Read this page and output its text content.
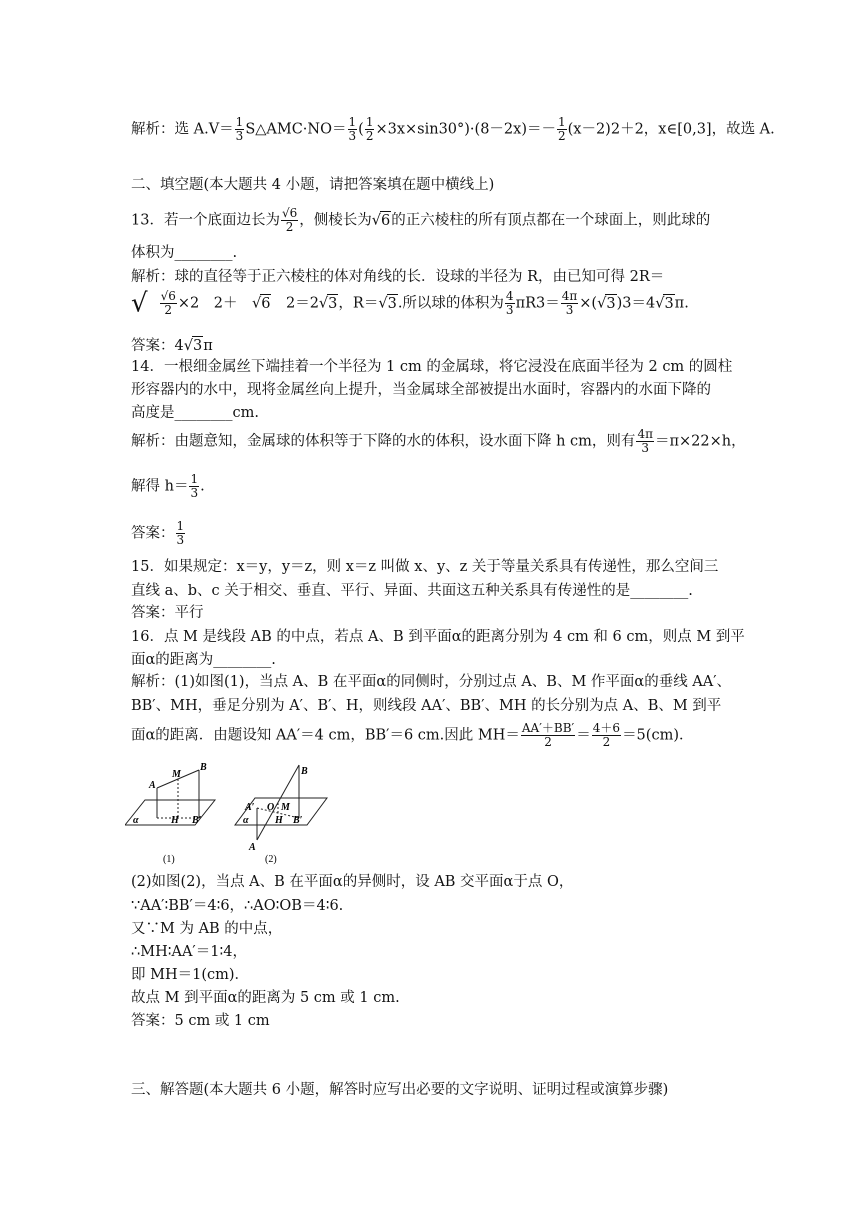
解析：选 $A.V= \frac{1}{3}$ S△AMC·NO＝ $\frac{1}{3}$ ( $\frac{1}{2} \times 3x\times\sin 30^\circ)\cdot(8-2x)=- \frac{1}{2} (x-2)2+2$，x∈[0,3]，故选 A.
二、填空题(本大题共 4 小题，请把答案填在题中横线上)
13．若一个底面边长为 $\frac{√6}{2}$ ，侧棱长为√6的正六棱柱的所有顶点都在一个球面上，则此球的
体积为________.
解析：球的直径等于正六棱柱的体对角线的长．设球的半径为 R，由已知可得 2R＝
√ $\frac{√6}{2} \times 2$　2＋　√6　2＝2√3，R＝√3.所以球的体积为 $\frac{4}{3} \pi R3= \frac{4\pi}{3} \times(√3)3=4√3\pi$.
答案：4√3π
14．一根细金属丝下端挂着一个半径为 1 cm 的金属球，将它浸没在底面半径为 2 cm 的圆柱
形容器内的水中，现将金属丝向上提升，当金属球全部被提出水面时，容器内的水面下降的
高度是________cm.
解析：由题意知，金属球的体积等于下降的水的体积，设水面下降 h cm，则有 $\frac{4\pi}{3} =\pi\times 22\times h$，
解得 $h= \frac{1}{3}$ .
答案： $\frac{1}{3}$
15．如果规定：x＝y，y＝z，则 x＝z 叫做 x、y、z 关于等量关系具有传递性，那么空间三
直线 a、b、c 关于相交、垂直、平行、异面、共面这五种关系具有传递性的是________.
答案：平行
16．点 M 是线段 AB 的中点，若点 A、B 到平面α的距离分别为 4 cm 和 6 cm，则点 M 到平
面α的距离为________.
解析：(1)如图(1)，当点 A、B 在平面α的同侧时，分别过点 A、B、M 作平面α的垂线 AA′、
BB′、MH，垂足分别为 A′、B′、H，则线段 AA′、BB′、MH 的长分别为点 A、B、M 到平
面α的距离．由题设知 AA′＝4 cm，BB′＝6 cm.因此 $MH= \frac{AA'+BB'}{2} = \frac{4+6}{2} =5(cm)$．
A
M
B
α	H B′
(1)
B
A′ O M
α	H B′
A
(2)
(2)如图(2)，当点 A、B 在平面α的异侧时，设 AB 交平面α于点 O，
∵AA′∶BB′＝4∶6，∴AO∶OB＝4∶6.
又∵M 为 AB 的中点，
∴MH∶AA′＝1∶4，
即 MH＝1(cm)．
故点 M 到平面α的距离为 5 cm 或 1 cm.
答案：5 cm 或 1 cm
三、解答题(本大题共 6 小题，解答时应写出必要的文字说明、证明过程或演算步骤)
